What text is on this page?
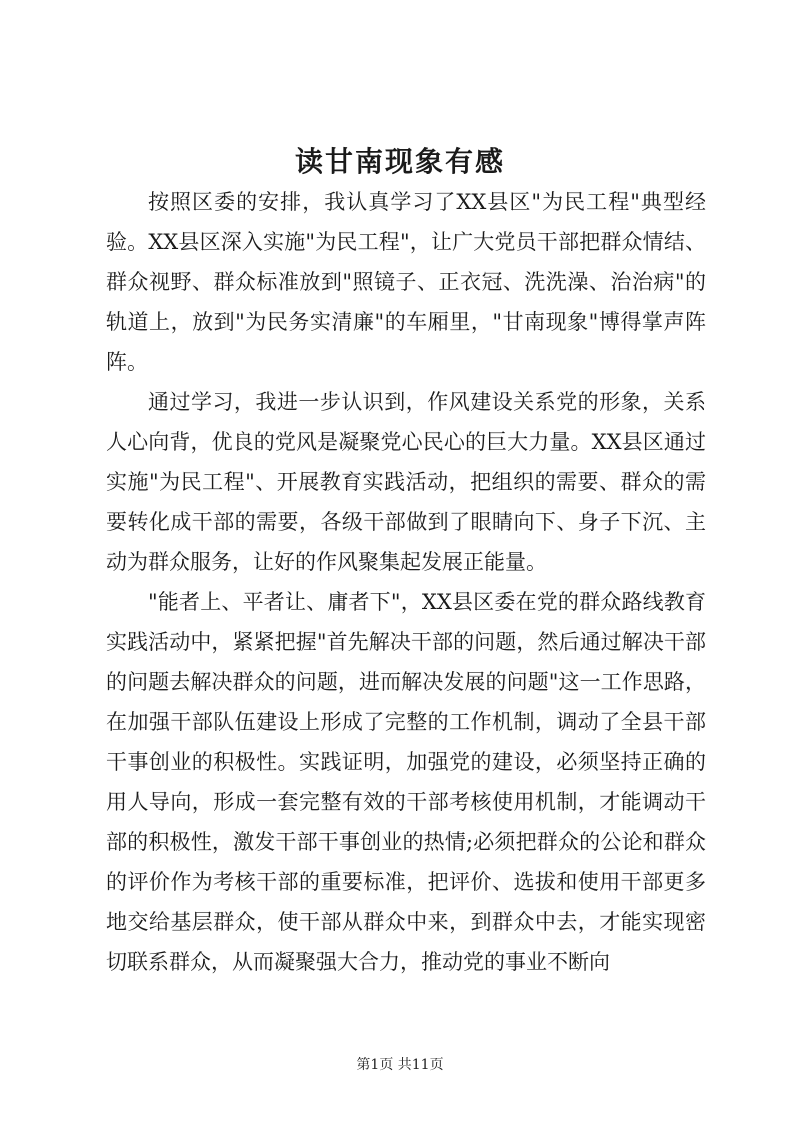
读甘南现象有感

按照区委的安排，我认真学习了XX县区"为民工程"典型经验。XX县区深入实施"为民工程"，让广大党员干部把群众情结、群众视野、群众标准放到"照镜子、正衣冠、洗洗澡、治治病"的轨道上，放到"为民务实清廉"的车厢里，"甘南现象"博得掌声阵阵。

通过学习，我进一步认识到，作风建设关系党的形象，关系人心向背，优良的党风是凝聚党心民心的巨大力量。XX县区通过实施"为民工程"、开展教育实践活动，把组织的需要、群众的需要转化成干部的需要，各级干部做到了眼睛向下、身子下沉、主动为群众服务，让好的作风聚集起发展正能量。

"能者上、平者让、庸者下"，XX县区委在党的群众路线教育实践活动中，紧紧把握"首先解决干部的问题，然后通过解决干部的问题去解决群众的问题，进而解决发展的问题"这一工作思路，在加强干部队伍建设上形成了完整的工作机制，调动了全县干部干事创业的积极性。实践证明，加强党的建设，必须坚持正确的用人导向，形成一套完整有效的干部考核使用机制，才能调动干部的积极性，激发干部干事创业的热情;必须把群众的公论和群众的评价作为考核干部的重要标准，把评价、选拔和使用干部更多地交给基层群众，使干部从群众中来，到群众中去，才能实现密切联系群众，从而凝聚强大合力，推动党的事业不断向

第1页 共11页
